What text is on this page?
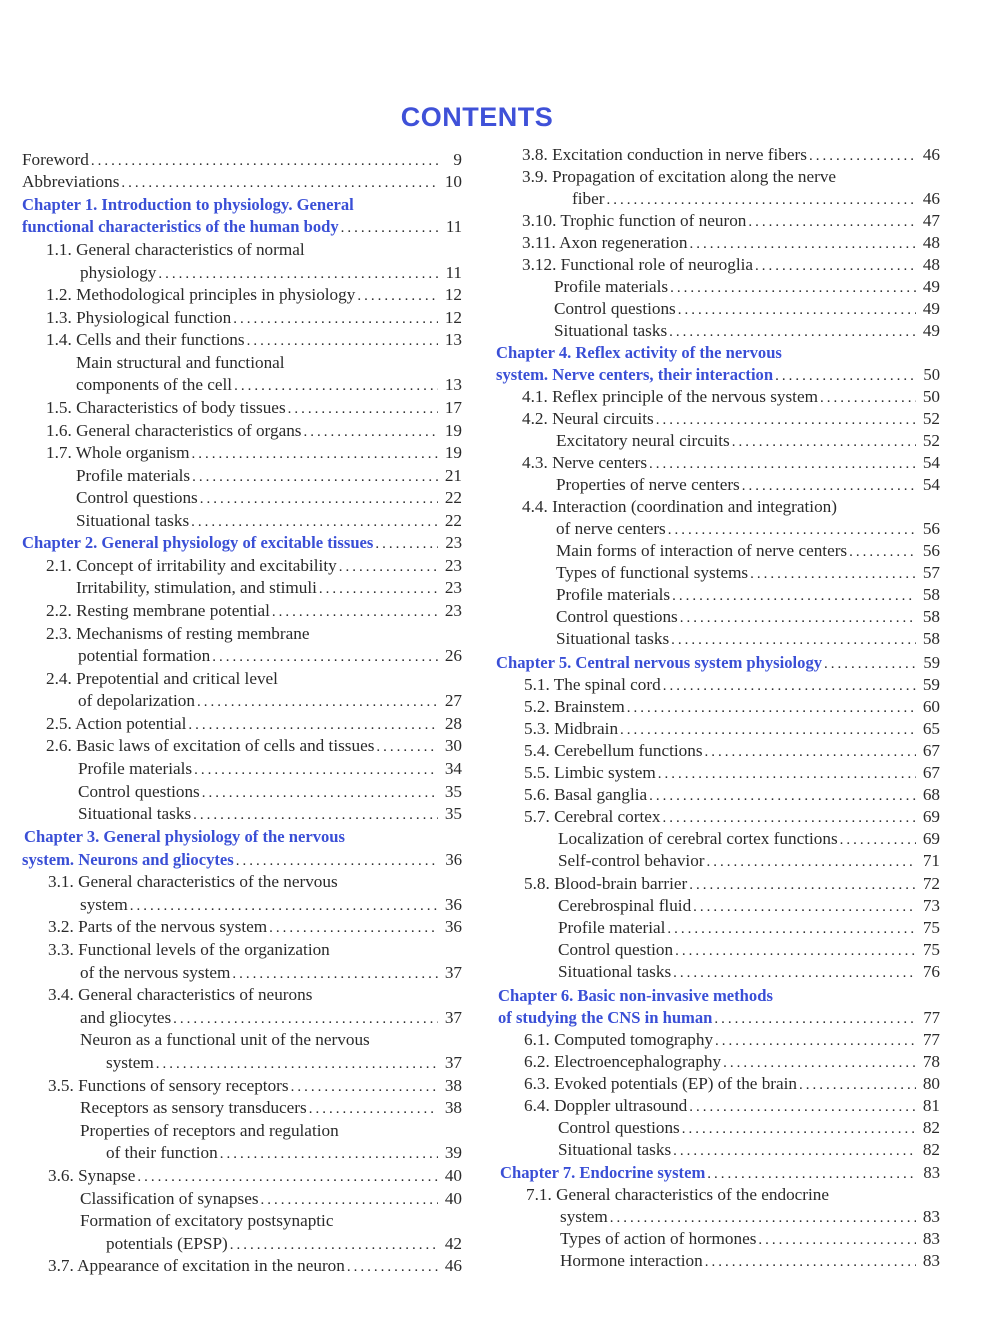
CONTENTS
Foreword .....	9
Abbreviations .....	10
Chapter 1. Introduction to physiology. General
functional characteristics of the human body .....	11
1.1. General characteristics of normal
physiology .....	11
1.2. Methodological principles in physiology .....	12
1.3. Physiological function .....	12
1.4. Cells and their functions .....	13
Main structural and functional
components of the cell .....	13
1.5. Characteristics of body tissues .....	17
1.6. General characteristics of organs .....	19
1.7. Whole organism .....	19
Profile materials .....	21
Control questions .....	22
Situational tasks .....	22
Chapter 2. General physiology of excitable tissues .....	23
2.1. Concept of irritability and excitability .....	23
Irritability, stimulation, and stimuli .....	23
2.2. Resting membrane potential .....	23
2.3. Mechanisms of resting membrane
potential formation .....	26
2.4. Prepotential and critical level
of depolarization .....	27
2.5. Action potential .....	28
2.6. Basic laws of excitation of cells and tissues .....	30
Profile materials .....	34
Control questions .....	35
Situational tasks .....	35
Chapter 3. General physiology of the nervous
system. Neurons and gliocytes .....	36
3.1. General characteristics of the nervous
system .....	36
3.2. Parts of the nervous system .....	36
3.3. Functional levels of the organization
of the nervous system .....	37
3.4. General characteristics of neurons
and gliocytes .....	37
Neuron as a functional unit of the nervous
system .....	37
3.5. Functions of sensory receptors .....	38
Receptors as sensory transducers .....	38
Properties of receptors and regulation
of their function .....	39
3.6. Synapse .....	40
Classification of synapses .....	40
Formation of excitatory postsynaptic
potentials (EPSP) .....	42
3.7. Appearance of excitation in the neuron .....	46
3.8. Excitation conduction in nerve fibers .....	46
3.9. Propagation of excitation along the nerve
fiber .....	46
3.10. Trophic function of neuron .....	47
3.11. Axon regeneration .....	48
3.12. Functional role of neuroglia .....	48
Profile materials .....	49
Control questions .....	49
Situational tasks .....	49
Chapter 4. Reflex activity of the nervous
system. Nerve centers, their interaction .....	50
4.1. Reflex principle of the nervous system .....	50
4.2. Neural circuits .....	52
Excitatory neural circuits .....	52
4.3. Nerve centers .....	54
Properties of nerve centers .....	54
4.4. Interaction (coordination and integration)
of nerve centers .....	56
Main forms of interaction of nerve centers .....	56
Types of functional systems .....	57
Profile materials .....	58
Control questions .....	58
Situational tasks .....	58
Chapter 5. Central nervous system physiology .....	59
5.1. The spinal cord .....	59
5.2. Brainstem .....	60
5.3. Midbrain .....	65
5.4. Cerebellum functions .....	67
5.5. Limbic system .....	67
5.6. Basal ganglia .....	68
5.7. Cerebral cortex .....	69
Localization of cerebral cortex functions .....	69
Self-control behavior .....	71
5.8. Blood-brain barrier .....	72
Cerebrospinal fluid .....	73
Profile material .....	75
Control question .....	75
Situational tasks .....	76
Chapter 6. Basic non-invasive methods
of studying the CNS in human .....	77
6.1. Computed tomography .....	77
6.2. Electroencephalography .....	78
6.3. Evoked potentials (EP) of the brain .....	80
6.4. Doppler ultrasound .....	81
Control questions .....	82
Situational tasks .....	82
Chapter 7. Endocrine system .....	83
7.1. General characteristics of the endocrine
system .....	83
Types of action of hormones .....	83
Hormone interaction .....	83
